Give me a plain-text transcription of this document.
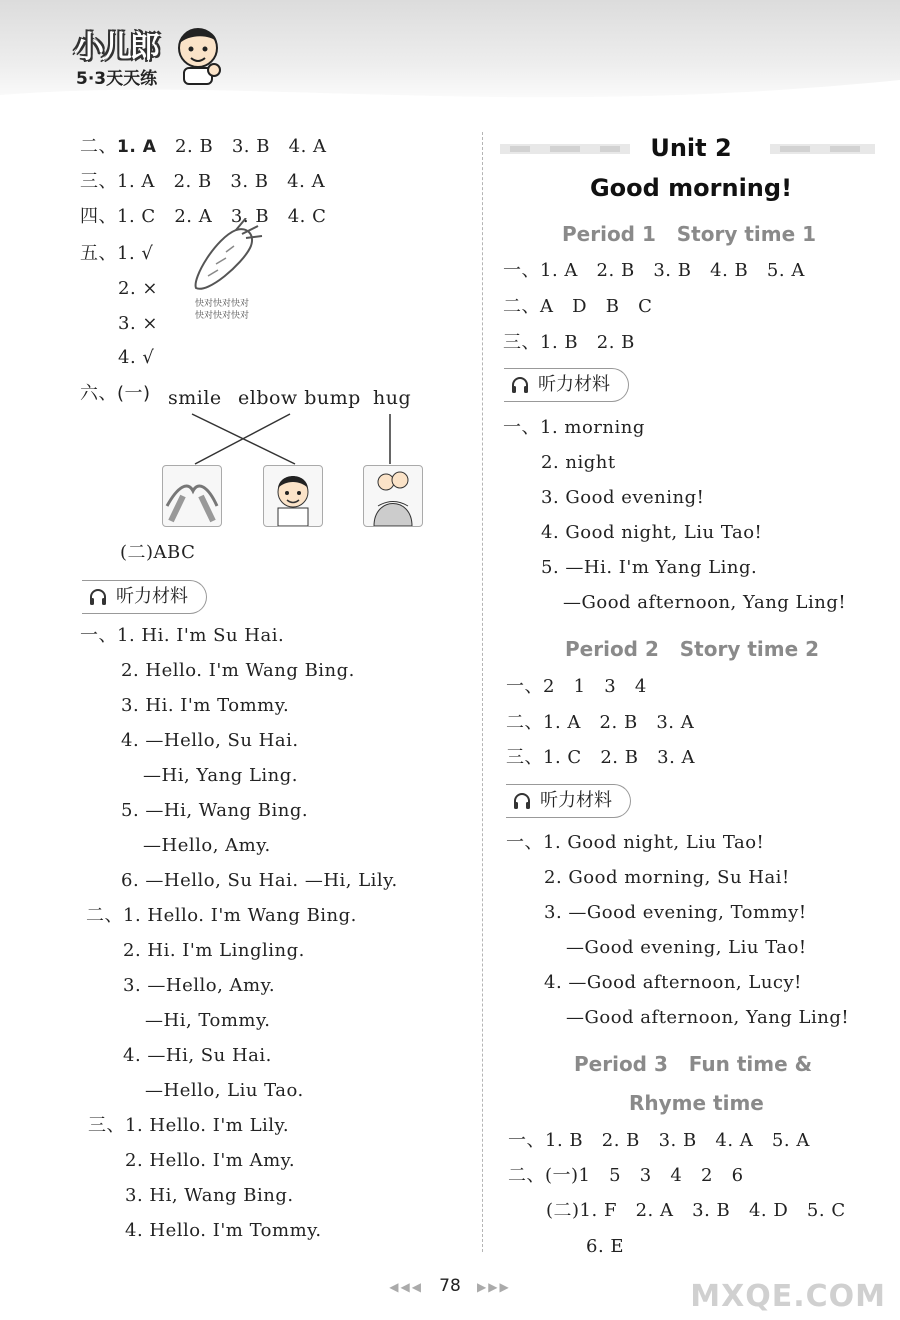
小儿郎
5·3天天练
二、1. A 2. B 3. B 4. A
三、1. A 2. B 3. B 4. A
四、1. C 2. A 3. B 4. C
五、1. √
2. ×
3. ×
4. √
快对快对快对
快对快对快对
六、(一) smile elbow bump hug
(二)ABC
听力材料
一、1. Hi. I'm Su Hai.
2. Hello. I'm Wang Bing.
3. Hi. I'm Tommy.
4. —Hello, Su Hai.
—Hi, Yang Ling.
5. —Hi, Wang Bing.
—Hello, Amy.
6. —Hello, Su Hai. —Hi, Lily.
二、1. Hello. I'm Wang Bing.
2. Hi. I'm Lingling.
3. —Hello, Amy.
—Hi, Tommy.
4. —Hi, Su Hai.
—Hello, Liu Tao.
三、1. Hello. I'm Lily.
2. Hello. I'm Amy.
3. Hi, Wang Bing.
4. Hello. I'm Tommy.
Unit 2
Good morning!
Period 1   Story time 1
一、1. A   2. B   3. B   4. B   5. A
二、A   D   B   C
三、1. B   2. B
听力材料
一、1. morning
2. night
3. Good evening!
4. Good night, Liu Tao!
5. —Hi. I'm Yang Ling.
—Good afternoon, Yang Ling!
Period 2   Story time 2
一、2   1   3   4
二、1. A   2. B   3. A
三、1. C   2. B   3. A
听力材料
一、1. Good night, Liu Tao!
2. Good morning, Su Hai!
3. —Good evening, Tommy!
—Good evening, Liu Tao!
4. —Good afternoon, Lucy!
—Good afternoon, Yang Ling!
Period 3   Fun time &
Rhyme time
一、1. B   2. B   3. B   4. A   5. A
二、(一)1   5   3   4   2   6
(二)1. F   2. A   3. B   4. D   5. C
6. E
◀◀◀ 78 ▶▶▶	MXQE.COM
